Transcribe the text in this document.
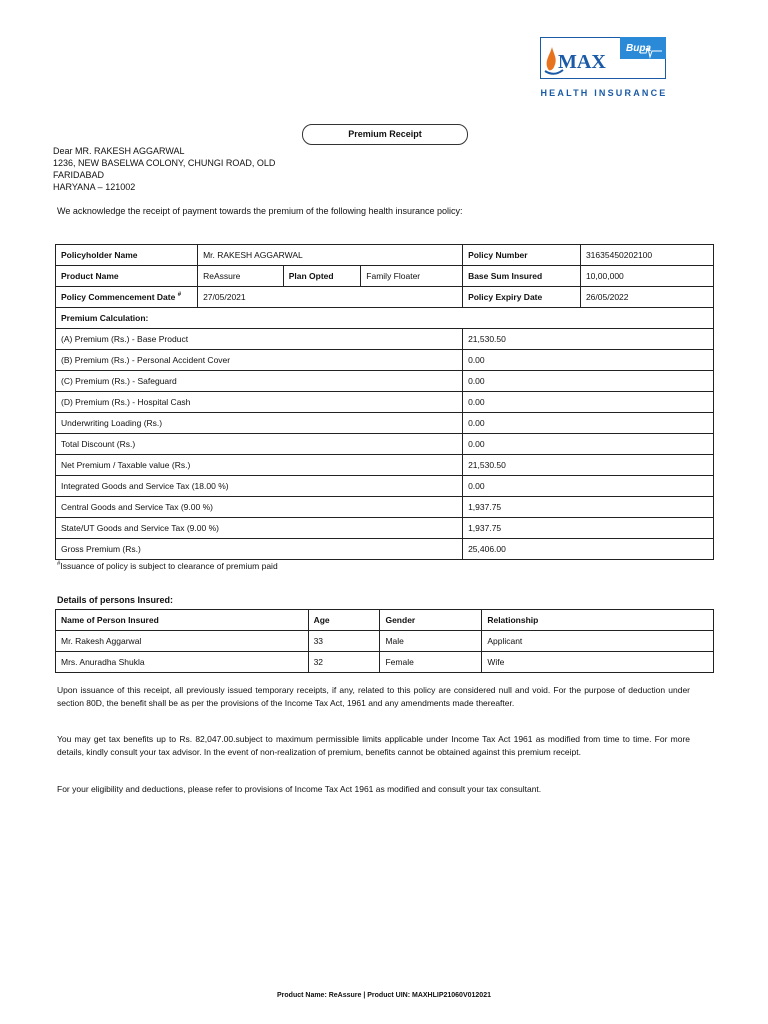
MAX
Bupa
HEALTH INSURANCE
Premium Receipt
Dear MR. RAKESH AGGARWAL
1236, NEW BASELWA COLONY, CHUNGI ROAD, OLD
FARIDABAD
HARYANA – 121002
We acknowledge the receipt of payment towards the premium of the following health insurance policy:
Policyholder Name	Mr. RAKESH AGGARWAL			Policy Number	31635450202100
Product Name	ReAssure	Plan Opted	Family Floater	Base Sum Insured	10,00,000
Policy Commencement Date #	27/05/2021			Policy Expiry Date	26/05/2022
Premium Calculation:					
(A) Premium (Rs.) - Base Product				21,530.50	
(B) Premium (Rs.) - Personal Accident Cover				0.00	
(C) Premium (Rs.) - Safeguard				0.00	
(D) Premium (Rs.) - Hospital Cash				0.00	
Underwriting Loading (Rs.)				0.00	
Total Discount (Rs.)				0.00	
Net Premium / Taxable value (Rs.)				21,530.50	
Integrated Goods and Service Tax (18.00 %)				0.00	
Central Goods and Service Tax (9.00 %)				1,937.75	
State/UT Goods and Service Tax (9.00 %)				1,937.75	
Gross Premium (Rs.)				25,406.00	
#Issuance of policy is subject to clearance of premium paid
Details of persons Insured:
Name of Person Insured	Age	Gender	Relationship
Mr. Rakesh Aggarwal	33	Male	Applicant
Mrs. Anuradha Shukla	32	Female	Wife
Upon issuance of this receipt, all previously issued temporary receipts, if any, related to this policy are considered null and void. For the purpose of deduction under section 80D, the benefit shall be as per the provisions of the Income Tax Act, 1961 and any amendments made thereafter.
You may get tax benefits up to Rs. 82,047.00.subject to maximum permissible limits applicable under Income Tax Act 1961 as modified from time to time. For more details, kindly consult your tax advisor. In the event of non-realization of premium, benefits cannot be obtained against this premium receipt.
For your eligibility and deductions, please refer to provisions of Income Tax Act 1961 as modified and consult your tax consultant.
Product Name: ReAssure | Product UIN: MAXHLIP21060V012021
